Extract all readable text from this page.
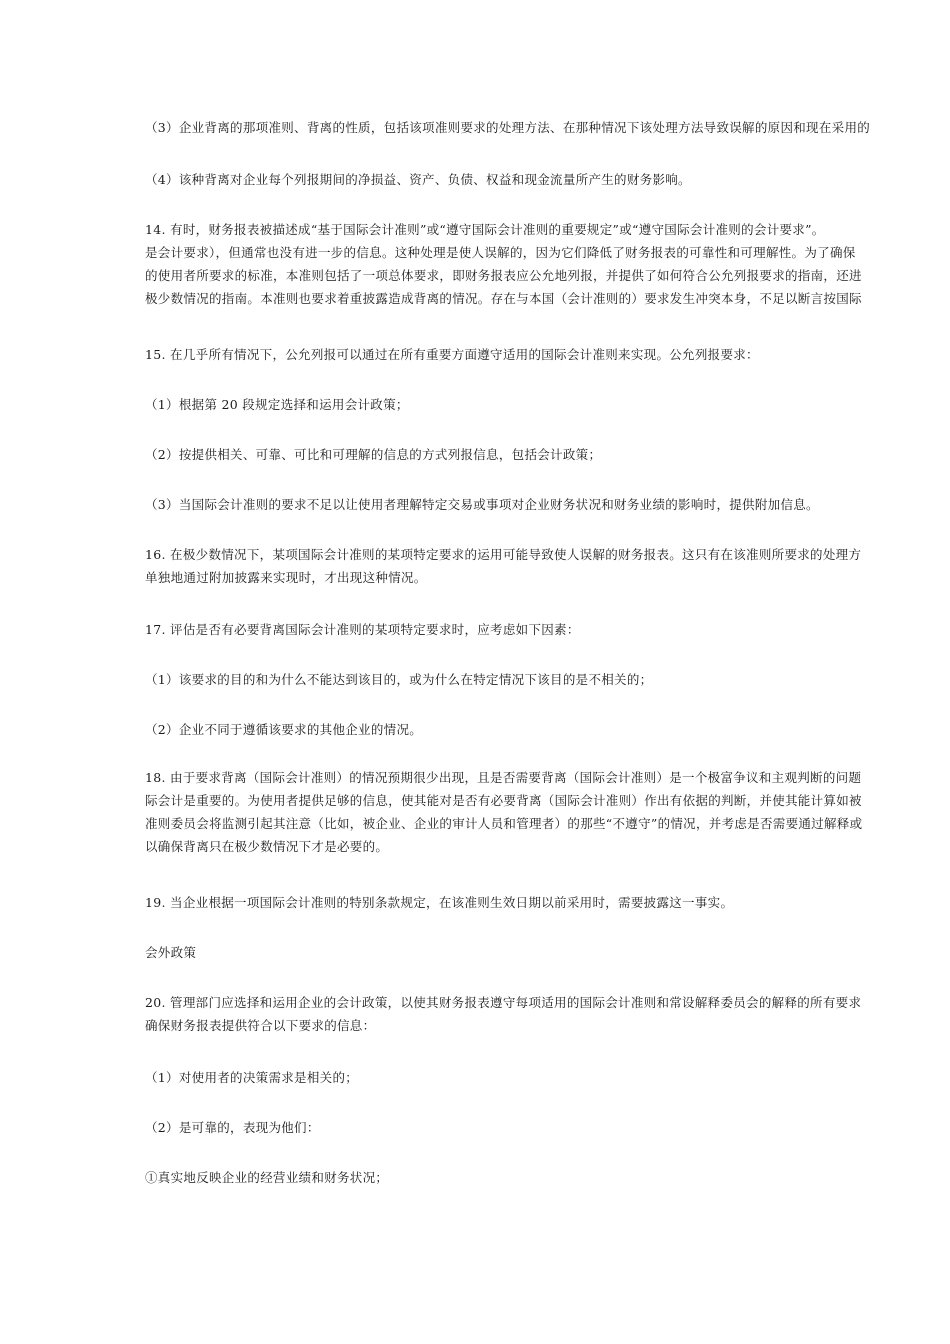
（3）企业背离的那项准则、背离的性质，包括该项准则要求的处理方法、在那种情况下该处理方法导致误解的原因和现在采用的
（4）该种背离对企业每个列报期间的净损益、资产、负债、权益和现金流量所产生的财务影响。
14. 有时，财务报表被描述成“基于国际会计准则”或“遵守国际会计准则的重要规定”或“遵守国际会计准则的会计要求”。
是会计要求），但通常也没有进一步的信息。这种处理是使人误解的，因为它们降低了财务报表的可靠性和可理解性。为了确保
的使用者所要求的标准，本准则包括了一项总体要求，即财务报表应公允地列报，并提供了如何符合公允列报要求的指南，还进
极少数情况的指南。本准则也要求着重披露造成背离的情况。存在与本国（会计准则的）要求发生冲突本身，不足以断言按国际
15. 在几乎所有情况下，公允列报可以通过在所有重要方面遵守适用的国际会计准则来实现。公允列报要求：
（1）根据第 20 段规定选择和运用会计政策；
（2）按提供相关、可靠、可比和可理解的信息的方式列报信息，包括会计政策；
（3）当国际会计准则的要求不足以让使用者理解特定交易或事项对企业财务状况和财务业绩的影响时，提供附加信息。
16. 在极少数情况下，某项国际会计准则的某项特定要求的运用可能导致使人误解的财务报表。这只有在该准则所要求的处理方
单独地通过附加披露来实现时，才出现这种情况。
17. 评估是否有必要背离国际会计准则的某项特定要求时，应考虑如下因素：
（1）该要求的目的和为什么不能达到该目的，或为什么在特定情况下该目的是不相关的；
（2）企业不同于遵循该要求的其他企业的情况。
18. 由于要求背离（国际会计准则）的情况预期很少出现，且是否需要背离（国际会计准则）是一个极富争议和主观判断的问题
际会计是重要的。为使用者提供足够的信息，使其能对是否有必要背离（国际会计准则）作出有依据的判断，并使其能计算如被
准则委员会将监测引起其注意（比如，被企业、企业的审计人员和管理者）的那些“不遵守”的情况，并考虑是否需要通过解释或
以确保背离只在极少数情况下才是必要的。
19. 当企业根据一项国际会计准则的特别条款规定，在该准则生效日期以前采用时，需要披露这一事实。
会外政策
20. 管理部门应选择和运用企业的会计政策，以使其财务报表遵守每项适用的国际会计准则和常设解释委员会的解释的所有要求
确保财务报表提供符合以下要求的信息：
（1）对使用者的决策需求是相关的；
（2）是可靠的，表现为他们：
①真实地反映企业的经营业绩和财务状况；
